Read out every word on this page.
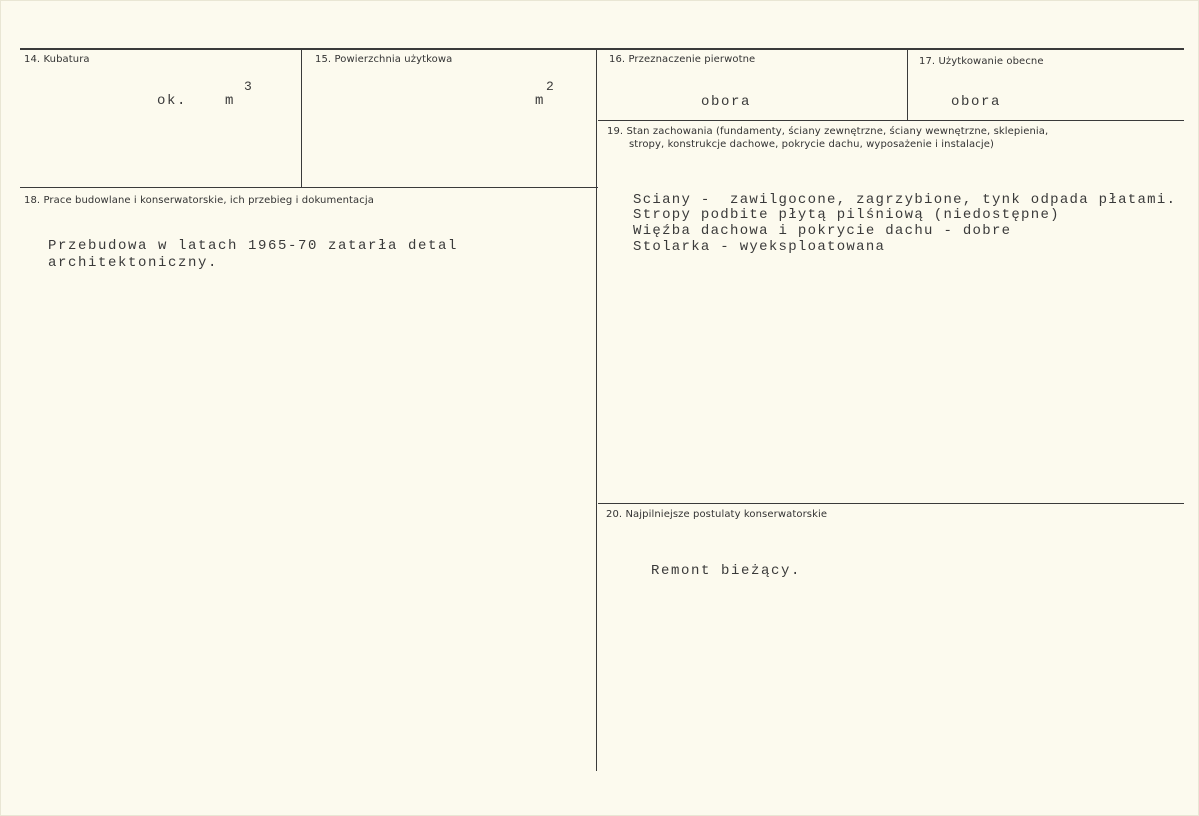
14. Kubatura
ok.	m
3
15. Powierzchnia użytkowa
m
2
16. Przeznaczenie pierwotne
obora
17. Użytkowanie obecne
obora
18. Prace budowlane i konserwatorskie, ich przebieg i dokumentacja
Przebudowa w latach 1965-70 zatarła detal
architektoniczny.
19. Stan zachowania (fundamenty, ściany zewnętrzne, ściany wewnętrzne, sklepienia,
stropy, konstrukcje dachowe, pokrycie dachu, wyposażenie i instalacje)
Sciany -  zawilgocone, zagrzybione, tynk odpada płatami.
Stropy podbite płytą pilśniową (niedostępne)
Więźba dachowa i pokrycie dachu - dobre
Stolarka - wyeksploatowana
20. Najpilniejsze postulaty konserwatorskie
Remont bieżący.
